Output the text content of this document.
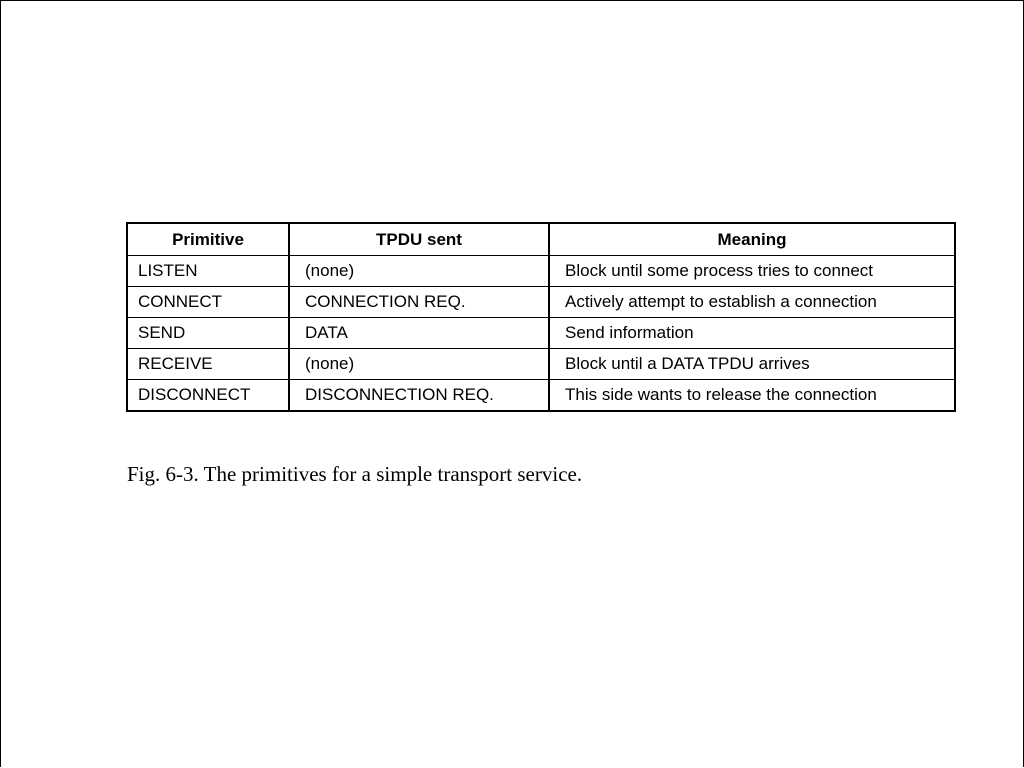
Primitive	TPDU sent	Meaning
LISTEN	(none)	Block until some process tries to connect
CONNECT	CONNECTION REQ.	Actively attempt to establish a connection
SEND	DATA	Send information
RECEIVE	(none)	Block until a DATA TPDU arrives
DISCONNECT	DISCONNECTION REQ.	This side wants to release the connection
Fig. 6-3. The primitives for a simple transport service.
